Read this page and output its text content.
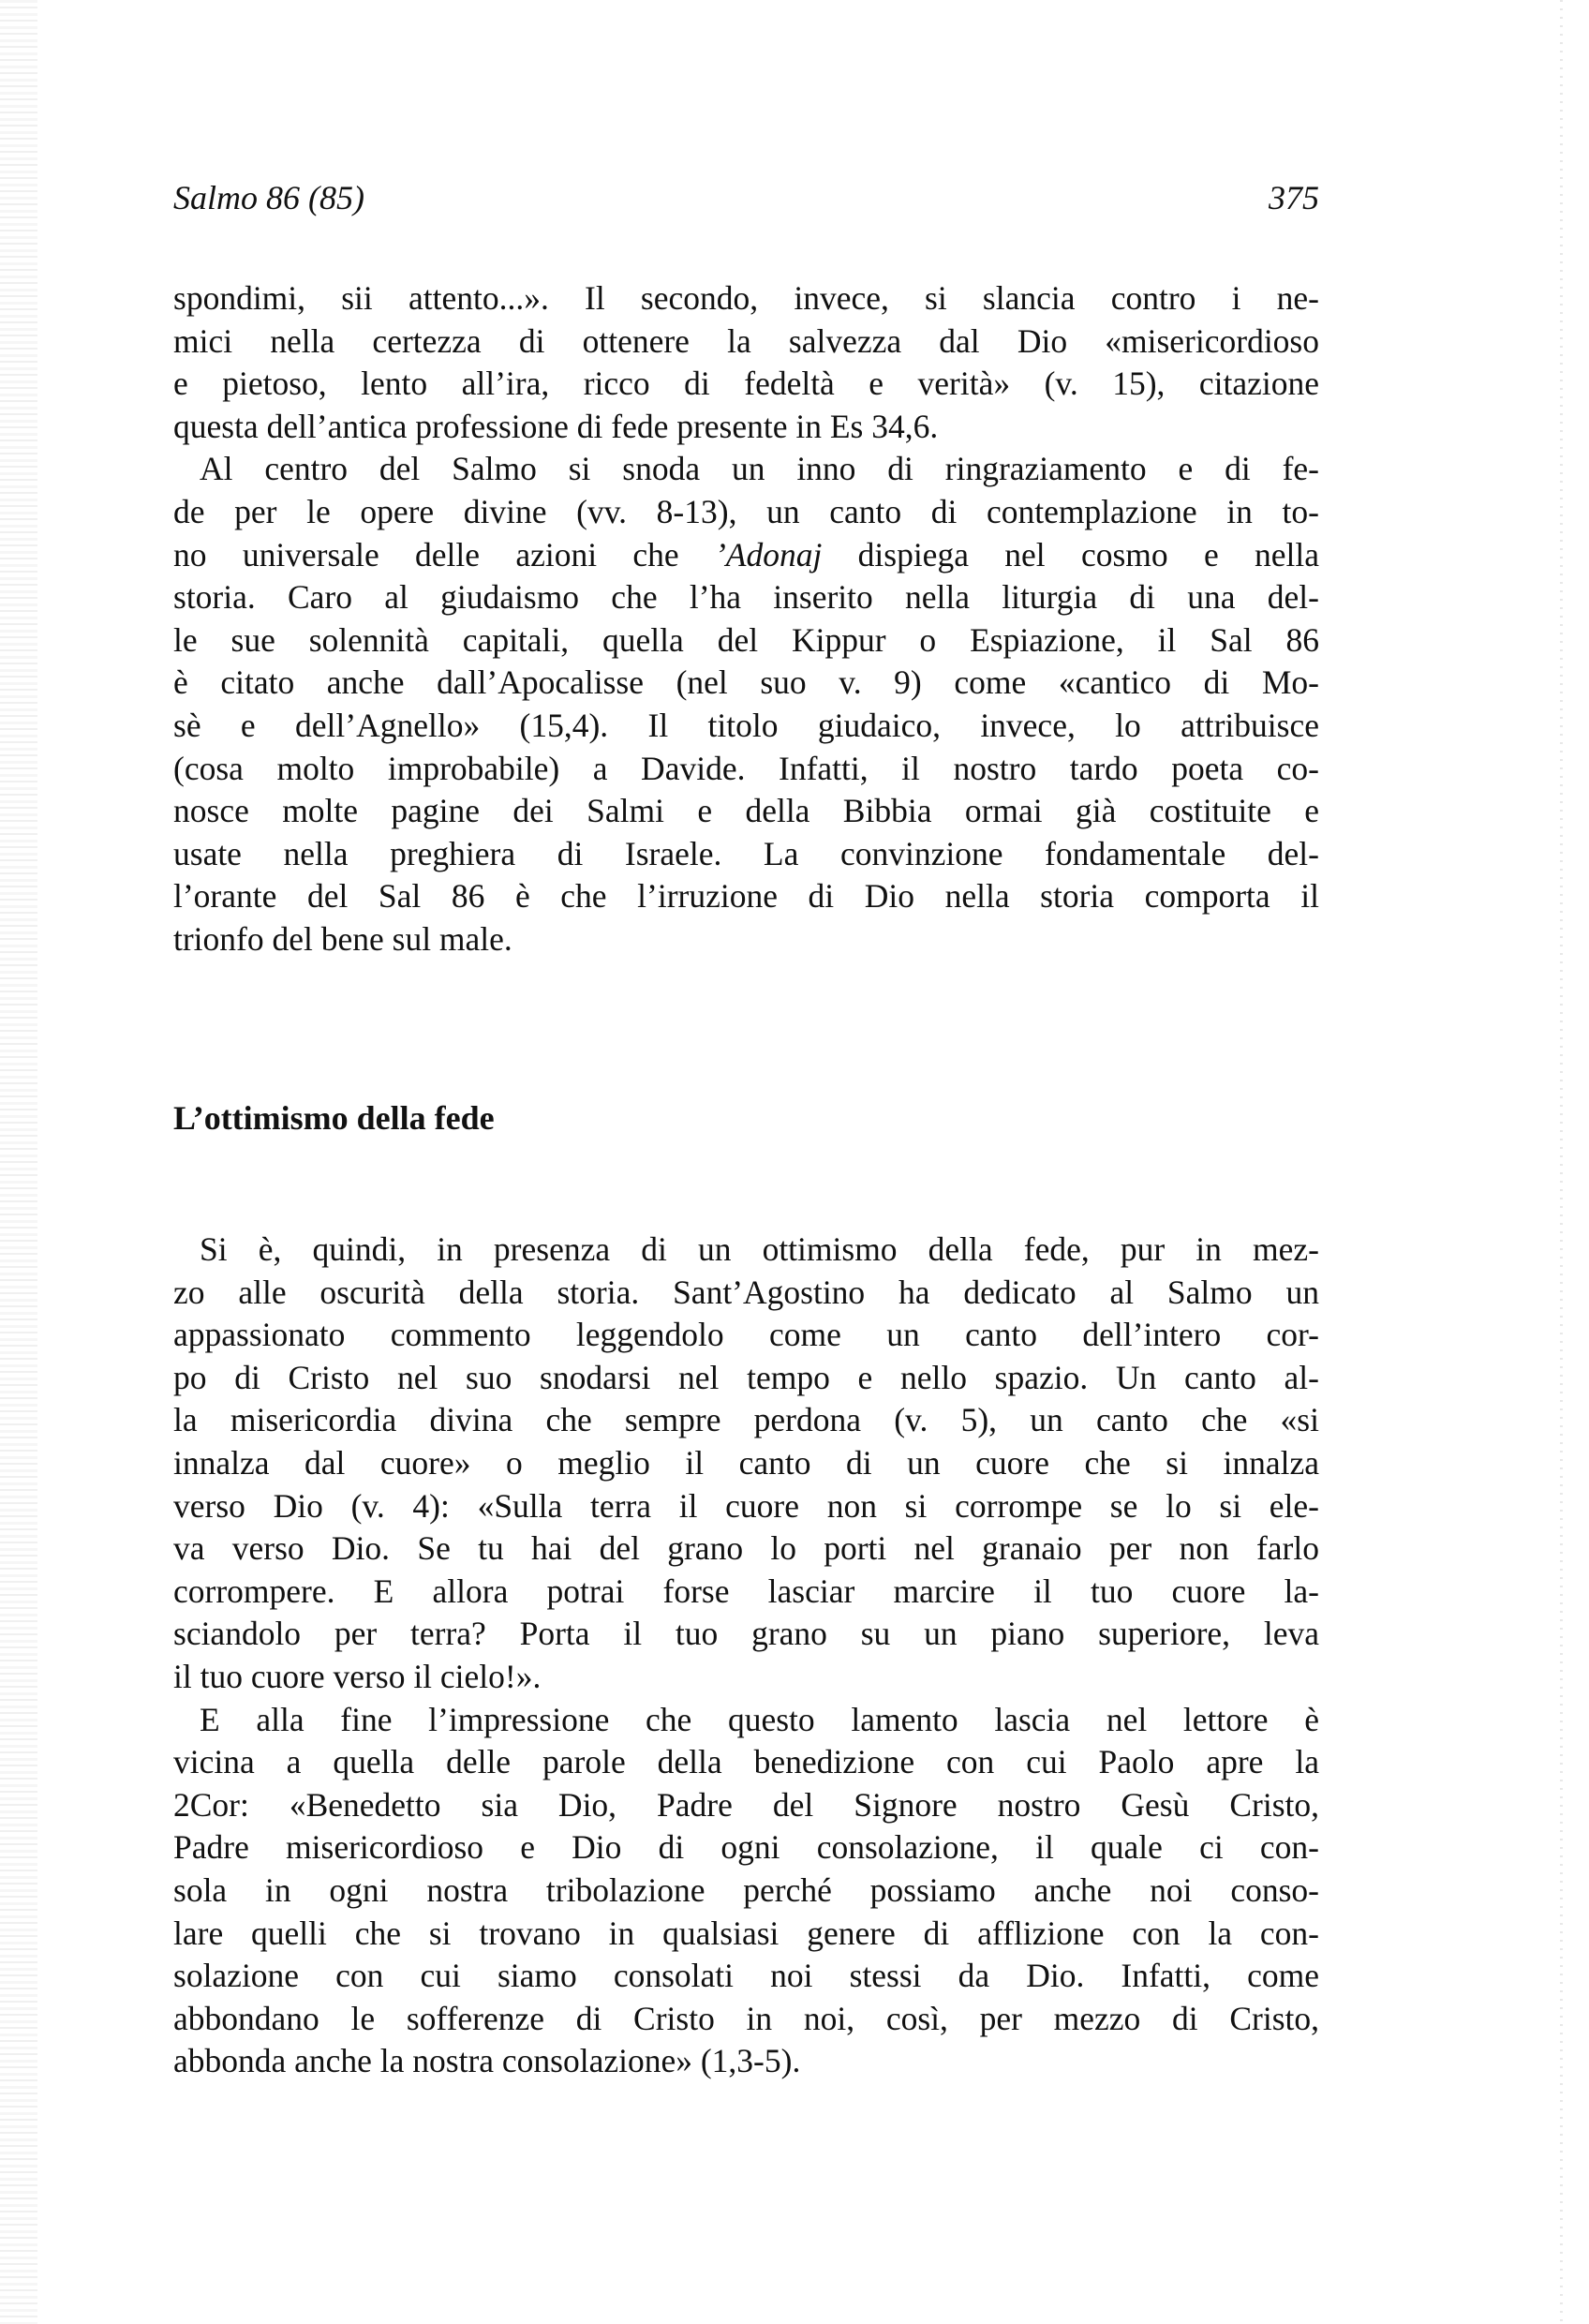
Salmo 86 (85)	375
spondimi, sii attento...». Il secondo, invece, si slancia contro i ne-
mici nella certezza di ottenere la salvezza dal Dio «misericordioso
e pietoso, lento all’ira, ricco di fedeltà e verità» (v. 15), citazione
questa dell’antica professione di fede presente in Es 34,6.
Al centro del Salmo si snoda un inno di ringraziamento e di fe-
de per le opere divine (vv. 8-13), un canto di contemplazione in to-
no universale delle azioni che ’Adonaj dispiega nel cosmo e nella
storia. Caro al giudaismo che l’ha inserito nella liturgia di una del-
le sue solennità capitali, quella del Kippur o Espiazione, il Sal 86
è citato anche dall’Apocalisse (nel suo v. 9) come «cantico di Mo-
sè e dell’Agnello» (15,4). Il titolo giudaico, invece, lo attribuisce
(cosa molto improbabile) a Davide. Infatti, il nostro tardo poeta co-
nosce molte pagine dei Salmi e della Bibbia ormai già costituite e
usate nella preghiera di Israele. La convinzione fondamentale del-
l’orante del Sal 86 è che l’irruzione di Dio nella storia comporta il
trionfo del bene sul male.
L’ottimismo della fede
Si è, quindi, in presenza di un ottimismo della fede, pur in mez-
zo alle oscurità della storia. Sant’Agostino ha dedicato al Salmo un
appassionato commento leggendolo come un canto dell’intero cor-
po di Cristo nel suo snodarsi nel tempo e nello spazio. Un canto al-
la misericordia divina che sempre perdona (v. 5), un canto che «si
innalza dal cuore» o meglio il canto di un cuore che si innalza
verso Dio (v. 4): «Sulla terra il cuore non si corrompe se lo si ele-
va verso Dio. Se tu hai del grano lo porti nel granaio per non farlo
corrompere. E allora potrai forse lasciar marcire il tuo cuore la-
sciandolo per terra? Porta il tuo grano su un piano superiore, leva
il tuo cuore verso il cielo!».
E alla fine l’impressione che questo lamento lascia nel lettore è
vicina a quella delle parole della benedizione con cui Paolo apre la
2Cor: «Benedetto sia Dio, Padre del Signore nostro Gesù Cristo,
Padre misericordioso e Dio di ogni consolazione, il quale ci con-
sola in ogni nostra tribolazione perché possiamo anche noi conso-
lare quelli che si trovano in qualsiasi genere di afflizione con la con-
solazione con cui siamo consolati noi stessi da Dio. Infatti, come
abbondano le sofferenze di Cristo in noi, così, per mezzo di Cristo,
abbonda anche la nostra consolazione» (1,3-5).
